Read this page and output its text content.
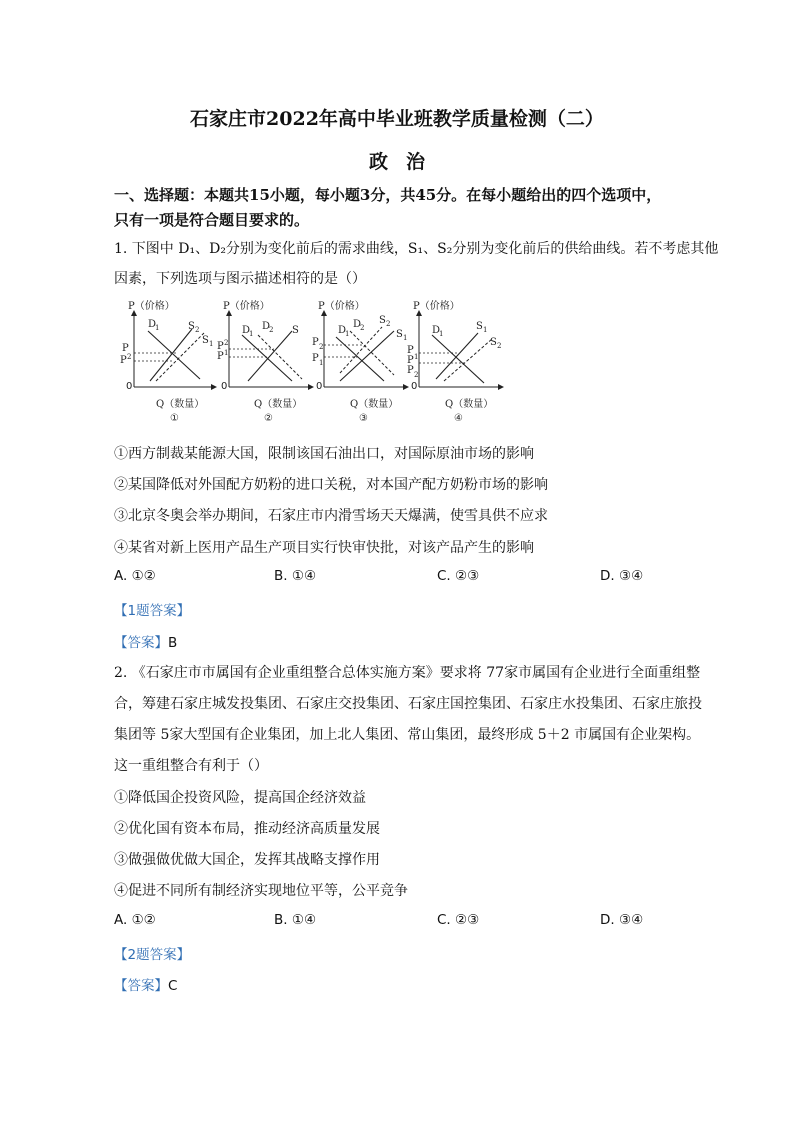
石家庄市2022年高中毕业班教学质量检测（二）
政治
一、选择题：本题共15小题，每小题3分，共45分。在每小题给出的四个选项中，
只有一项是符合题目要求的。
1. 下图中 D₁、D₂分别为变化前后的需求曲线，S₁、S₂分别为变化前后的供给曲线。若不考虑其他
因素，下列选项与图示描述相符的是（）
P（价格）
0
D
1	S 2
S 1
P
P 2
Q（数量）
①
P（价格）
0
D
1
D
2 S
P 2
P 1
Q（数量）
②
P（价格）
0
D
1
D
2
S 2
S 1
P 2
P 1
Q（数量）
③
P（价格）
0
D
1
S 1
S 2
P
P 1
P 2
Q（数量）
④
①西方制裁某能源大国，限制该国石油出口，对国际原油市场的影响
②某国降低对外国配方奶粉的进口关税，对本国产配方奶粉市场的影响
③北京冬奥会举办期间，石家庄市内滑雪场天天爆满，使雪具供不应求
④某省对新上医用产品生产项目实行快审快批，对该产品产生的影响
A. ①②	B. ①④	C. ②③	D. ③④
【1题答案】
【答案】B
2. 《石家庄市市属国有企业重组整合总体实施方案》要求将 77家市属国有企业进行全面重组整
合，筹建石家庄城发投集团、石家庄交投集团、石家庄国控集团、石家庄水投集团、石家庄旅投
集团等 5家大型国有企业集团，加上北人集团、常山集团，最终形成 5＋2 市属国有企业架构。
这一重组整合有利于（）
①降低国企投资风险，提高国企经济效益
②优化国有资本布局，推动经济高质量发展
③做强做优做大国企，发挥其战略支撑作用
④促进不同所有制经济实现地位平等，公平竞争
A. ①②	B. ①④	C. ②③	D. ③④
【2题答案】
【答案】C
